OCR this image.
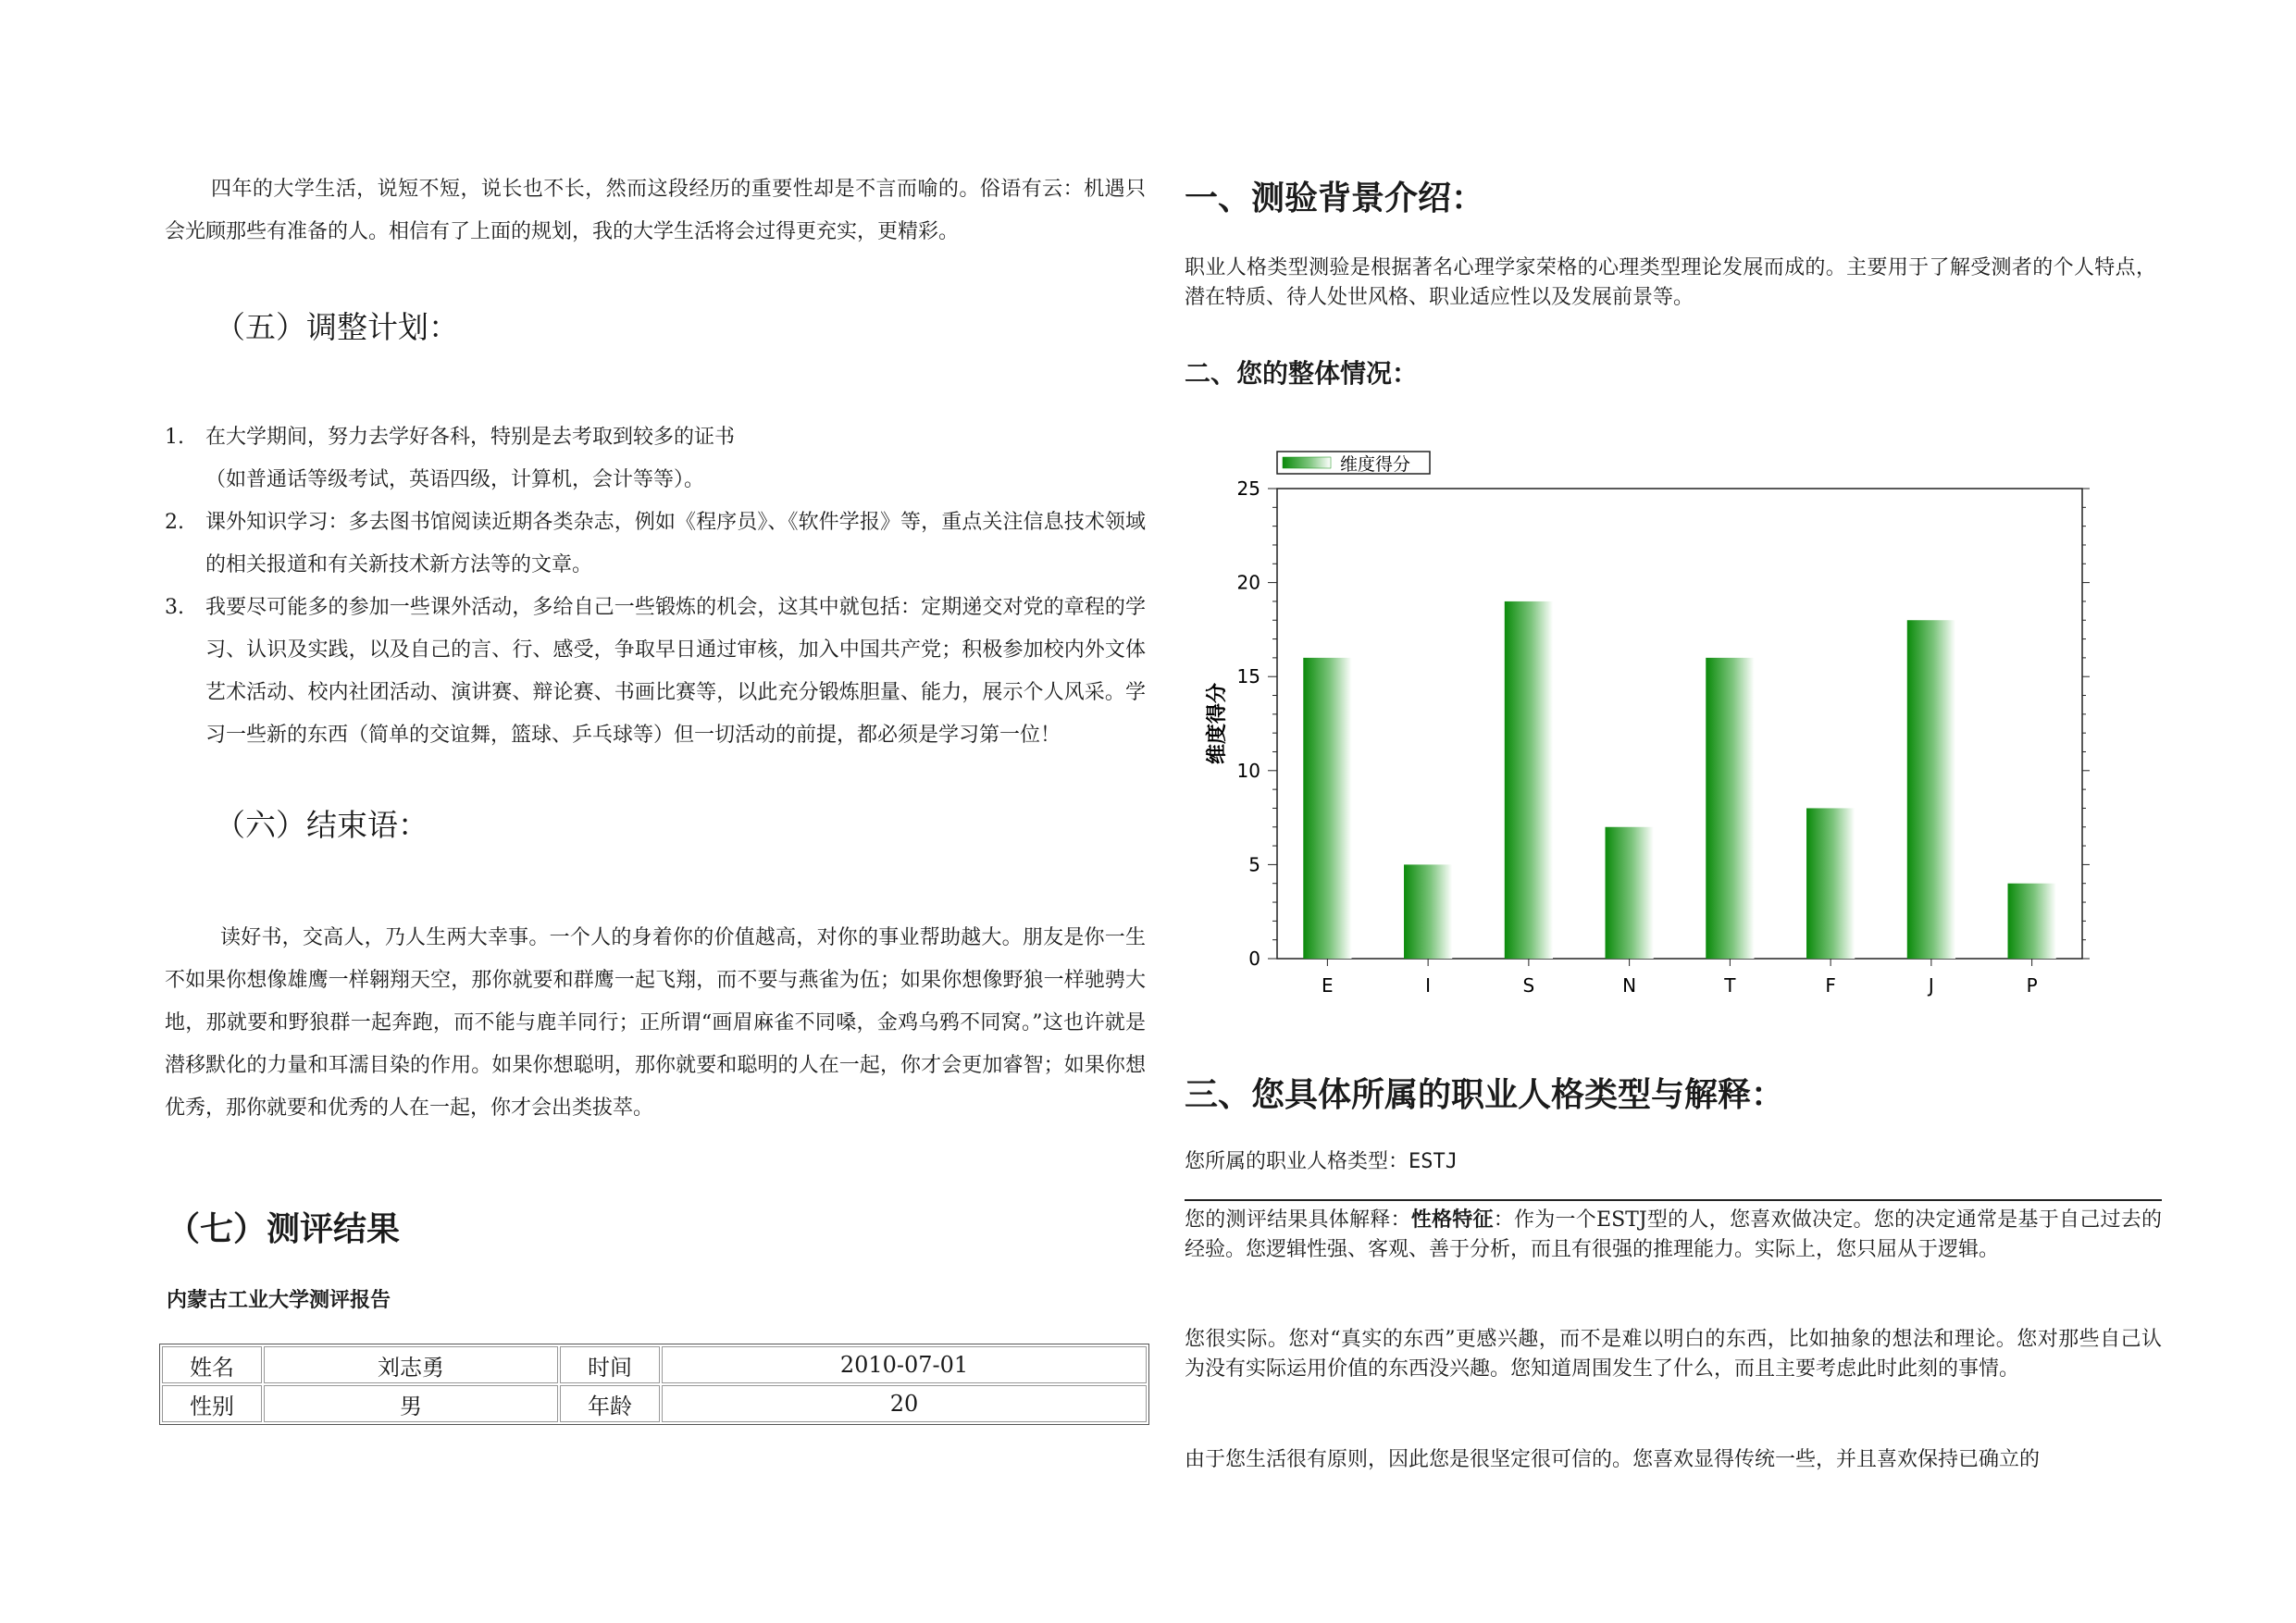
四年的大学生活，说短不短，说长也不长，然而这段经历的重要性却是不言而喻的。俗语有云：机遇只会光顾那些有准备的人。相信有了上面的规划，我的大学生活将会过得更充实，更精彩。

（五）调整计划：
1. 在大学期间，努力去学好各科，特别是去考取到较多的证书
（如普通话等级考试，英语四级，计算机，会计等等）。
2. 课外知识学习：多去图书馆阅读近期各类杂志，例如《程序员》、《软件学报》等，重点关注信息技术领域的相关报道和有关新技术新方法等的文章。
3. 我要尽可能多的参加一些课外活动，多给自己一些锻炼的机会，这其中就包括：定期递交对党的章程的学习、认识及实践，以及自己的言、行、感受，争取早日通过审核，加入中国共产党；积极参加校内外文体艺术活动、校内社团活动、演讲赛、辩论赛、书画比赛等，以此充分锻炼胆量、能力，展示个人风采。学习一些新的东西（简单的交谊舞，篮球、乒乓球等）但一切活动的前提，都必须是学习第一位！
（六）结束语：

读好书，交高人，乃人生两大幸事。一个人的身着你的价值越高，对你的事业帮助越大。朋友是你一生不如果你想像雄鹰一样翱翔天空，那你就要和群鹰一起飞翔，而不要与燕雀为伍；如果你想像野狼一样驰骋大地，那就要和野狼群一起奔跑，而不能与鹿羊同行；正所谓“画眉麻雀不同嗓，金鸡乌鸦不同窝。”这也许就是潜移默化的力量和耳濡目染的作用。如果你想聪明，那你就要和聪明的人在一起，你才会更加睿智；如果你想优秀，那你就要和优秀的人在一起，你才会出类拔萃。

（七）测评结果
内蒙古工业大学测评报告
姓名	刘志勇	时间	2010-07-01
性别	男	年龄	20
一、测验背景介绍：

职业人格类型测验是根据著名心理学家荣格的心理类型理论发展而成的。主要用于了解受测者的个人特点，潜在特质、待人处世风格、职业适应性以及发展前景等。

二、您的整体情况：
0
5
10
15
20
25
E	I	S	N	T	F	J	P
维度得分
维度得分
三、您具体所属的职业人格类型与解释：

您所属的职业人格类型：ESTJ

您的测评结果具体解释：性格特征：作为一个ESTJ型的人，您喜欢做决定。您的决定通常是基于自己过去的经验。您逻辑性强、客观、善于分析，而且有很强的推理能力。实际上，您只屈从于逻辑。

您很实际。您对“真实的东西”更感兴趣，而不是难以明白的东西，比如抽象的想法和理论。您对那些自己认为没有实际运用价值的东西没兴趣。您知道周围发生了什么，而且主要考虑此时此刻的事情。

由于您生活很有原则，因此您是很坚定很可信的。您喜欢显得传统一些，并且喜欢保持已确立的
